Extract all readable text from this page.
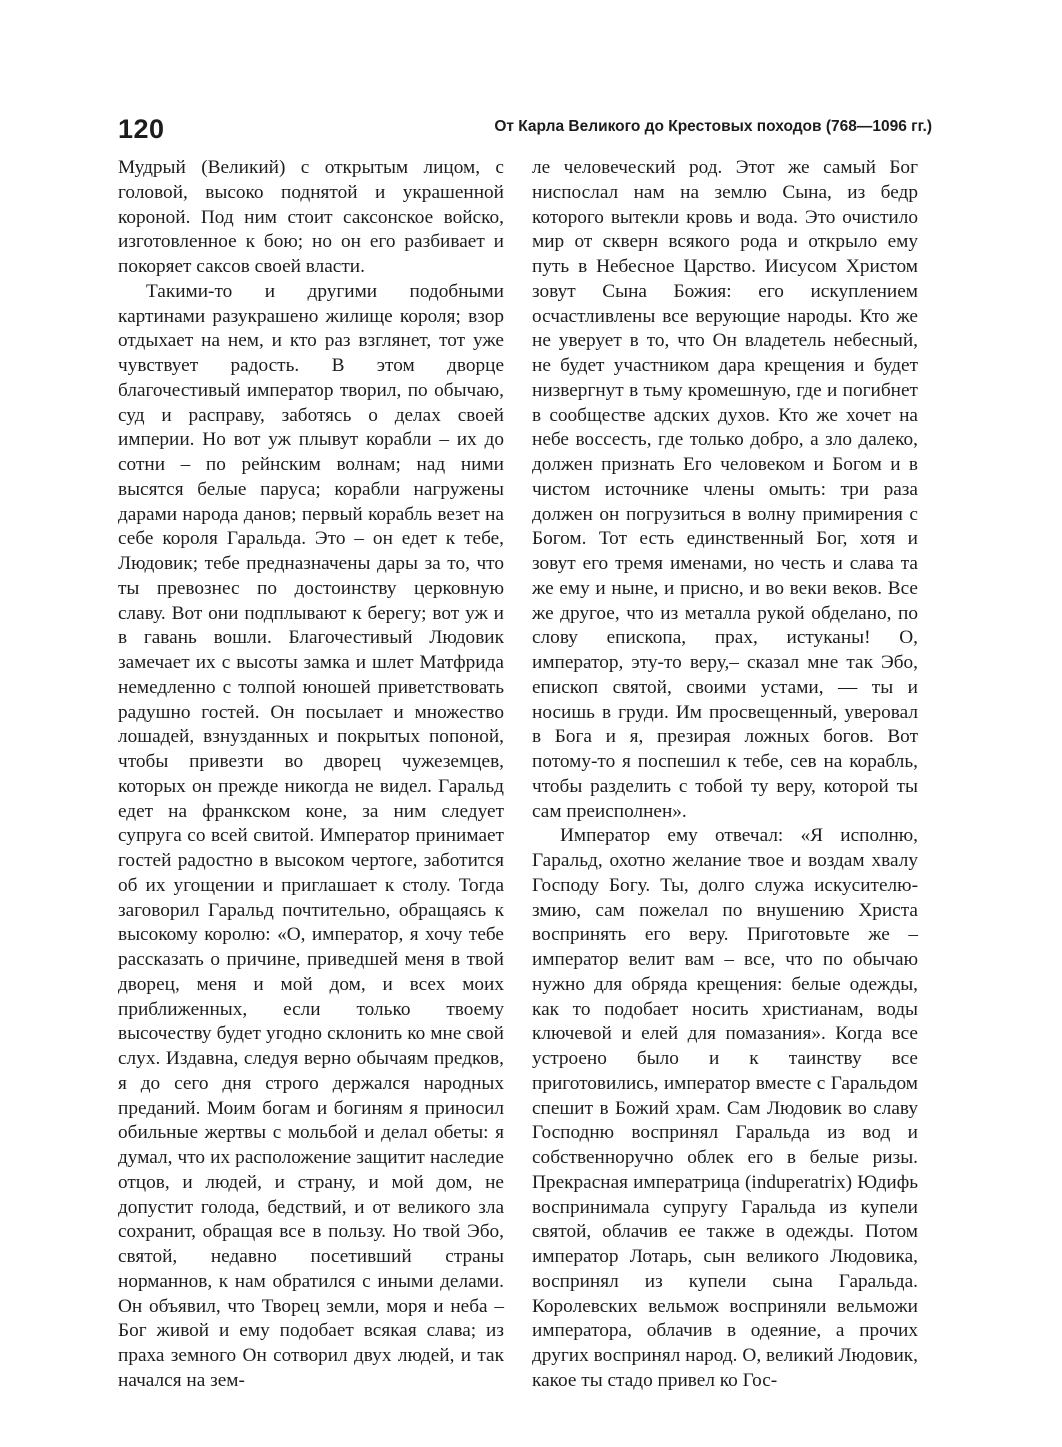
120	От Карла Великого до Крестовых походов (768—1096 гг.)

Мудрый (Великий) с открытым лицом, с головой, высоко поднятой и украшенной короной. Под ним стоит саксонское войско, изготовленное к бою; но он его разбивает и покоряет саксов своей власти.

Такими-то и другими подобными картинами разукрашено жилище короля; взор отдыхает на нем, и кто раз взглянет, тот уже чувствует радость. В этом дворце благочестивый император творил, по обычаю, суд и расправу, заботясь о делах своей империи. Но вот уж плывут корабли – их до сотни – по рейнским волнам; над ними высятся белые паруса; корабли нагружены дарами народа данов; первый корабль везет на себе короля Гаральда. Это – он едет к тебе, Людовик; тебе предназначены дары за то, что ты превознес по достоинству церковную славу. Вот они подплывают к берегу; вот уж и в гавань вошли. Благочестивый Людовик замечает их с высоты замка и шлет Матфрида немедленно с толпой юношей приветствовать радушно гостей. Он посылает и множество лошадей, взнузданных и покрытых попоной, чтобы привезти во дворец чужеземцев, которых он прежде никогда не видел. Гаральд едет на франкском коне, за ним следует супруга со всей свитой. Император принимает гостей радостно в высоком чертоге, заботится об их угощении и приглашает к столу. Тогда заговорил Гаральд почтительно, обращаясь к высокому королю: «О, император, я хочу тебе рассказать о причине, приведшей меня в твой дворец, меня и мой дом, и всех моих приближенных, если только твоему высочеству будет угодно склонить ко мне свой слух. Издавна, следуя верно обычаям предков, я до сего дня строго держался народных преданий. Моим богам и богиням я приносил обильные жертвы с мольбой и делал обеты: я думал, что их расположение защитит наследие отцов, и людей, и страну, и мой дом, не допустит голода, бедствий, и от великого зла сохранит, обращая все в пользу. Но твой Эбо, святой, недавно посетивший страны норманнов, к нам обратился с иными делами. Он объявил, что Творец земли, моря и неба – Бог живой и ему подобает всякая слава; из праха земного Он сотворил двух людей, и так начался на зем-

ле человеческий род. Этот же самый Бог ниспослал нам на землю Сына, из бедр которого вытекли кровь и вода. Это очистило мир от скверн всякого рода и открыло ему путь в Небесное Царство. Иисусом Христом зовут Сына Божия: его искуплением осчастливлены все верующие народы. Кто же не уверует в то, что Он владетель небесный, не будет участником дара крещения и будет низвергнут в тьму кромешную, где и погибнет в сообществе адских духов. Кто же хочет на небе воссесть, где только добро, а зло далеко, должен признать Его человеком и Богом и в чистом источнике члены омыть: три раза должен он погрузиться в волну примирения с Богом. Тот есть единственный Бог, хотя и зовут его тремя именами, но честь и слава та же ему и ныне, и присно, и во веки веков. Все же другое, что из металла рукой обделано, по слову епископа, прах, истуканы! О, император, эту-то веру,– сказал мне так Эбо, епископ святой, своими устами, — ты и носишь в груди. Им просвещенный, уверовал в Бога и я, презирая ложных богов. Вот потому-то я поспешил к тебе, сев на корабль, чтобы разделить с тобой ту веру, которой ты сам преисполнен».

Император ему отвечал: «Я исполню, Гаральд, охотно желание твое и воздам хвалу Господу Богу. Ты, долго служа искусителю-змию, сам пожелал по внушению Христа воспринять его веру. Приготовьте же – император велит вам – все, что по обычаю нужно для обряда крещения: белые одежды, как то подобает носить христианам, воды ключевой и елей для помазания». Когда все устроено было и к таинству все приготовились, император вместе с Гаральдом спешит в Божий храм. Сам Людовик во славу Господню воспринял Гаральда из вод и собственноручно облек его в белые ризы. Прекрасная императрица (induperatrix) Юдифь воспринимала супругу Гаральда из купели святой, облачив ее также в одежды. Потом император Лотарь, сын великого Людовика, воспринял из купели сына Гаральда. Королевских вельмож восприняли вельможи императора, облачив в одеяние, а прочих других воспринял народ. О, великий Людовик, какое ты стадо привел ко Гос-
